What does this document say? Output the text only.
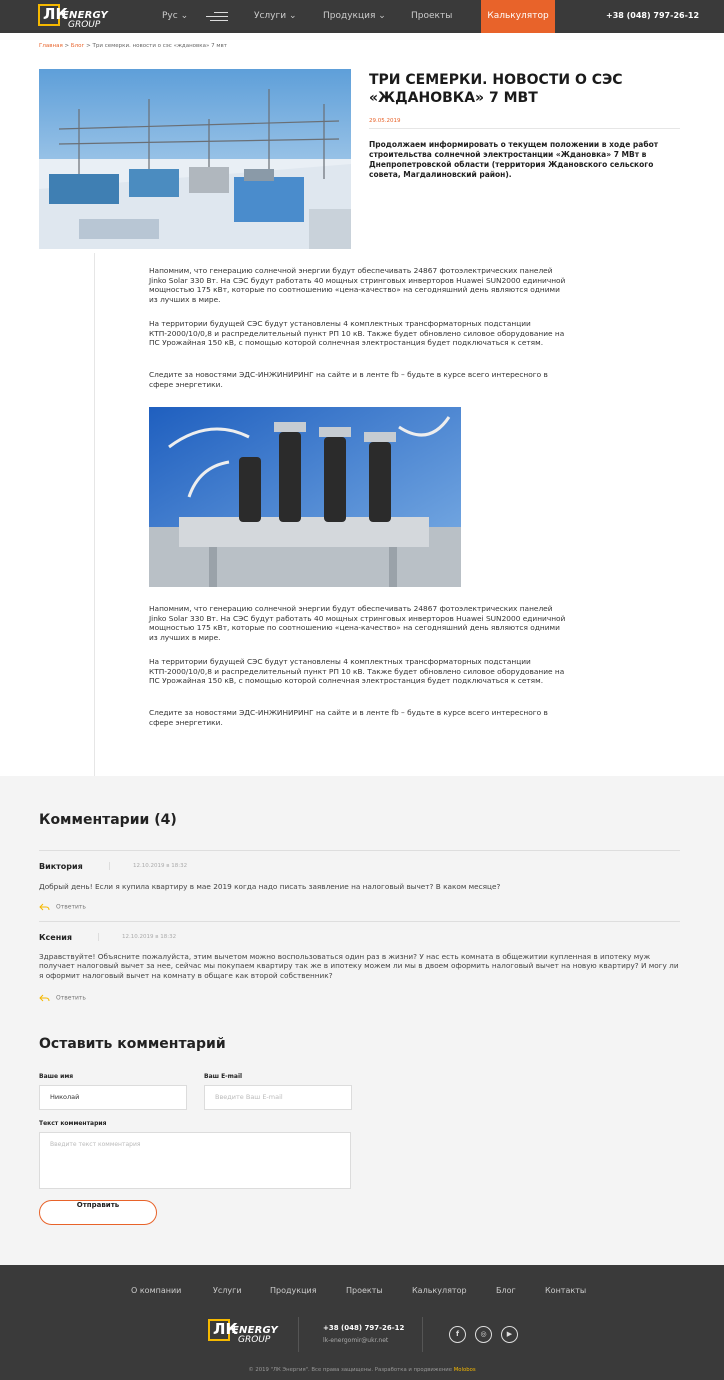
ЛК
ENERGY
GROUP
Рус ⌄	Услуги ⌄	Продукция ⌄	Проекты	Калькулятор	+38 (048) 797-26-12
Главная > Блог > Три семерки. новости о сэс «ждановка» 7 мвт
ТРИ СЕМЕРКИ. НОВОСТИ О СЭС «ЖДАНОВКА» 7 МВТ
29.05.2019
Продолжаем информировать о текущем положении в ходе работ строительства солнечной электростанции «Ждановка» 7 МВт в Днепропетровской области (территория Ждановского сельского совета, Магдалиновский район).
Напомним, что генерацию солнечной энергии будут обеспечивать 24867 фотоэлектрических панелей Jinko Solar 330 Вт. На СЭС будут работать 40 мощных стринговых инверторов Huawei SUN2000 единичной мощностью 175 кВт, которые по соотношению «цена-качество» на сегодняшний день являются одними из лучших в мире.
На территории будущей СЭС будут установлены 4 комплектных трансформаторных подстанции КТП-2000/10/0,8 и распределительный пункт РП 10 кВ. Также будет обновлено силовое оборудование на ПС Урожайная 150 кВ, с помощью которой солнечная электростанция будет подключаться к сетям.
Следите за новостями ЭДС-ИНЖИНИРИНГ на сайте и в ленте fb – будьте в курсе всего интересного в сфере энергетики.
Напомним, что генерацию солнечной энергии будут обеспечивать 24867 фотоэлектрических панелей Jinko Solar 330 Вт. На СЭС будут работать 40 мощных стринговых инверторов Huawei SUN2000 единичной мощностью 175 кВт, которые по соотношению «цена-качество» на сегодняшний день являются одними из лучших в мире.
На территории будущей СЭС будут установлены 4 комплектных трансформаторных подстанции КТП-2000/10/0,8 и распределительный пункт РП 10 кВ. Также будет обновлено силовое оборудование на ПС Урожайная 150 кВ, с помощью которой солнечная электростанция будет подключаться к сетям.
Следите за новостями ЭДС-ИНЖИНИРИНГ на сайте и в ленте fb – будьте в курсе всего интересного в сфере энергетики.
Комментарии (4)
Виктория	12.10.2019 в 18:32
Добрый день! Если я купила квартиру в мае 2019 когда надо писать заявление на налоговый вычет? В каком месяце?
Ответить
Ксения	12.10.2019 в 18:32
Здравствуйте! Объясните пожалуйста, этим вычетом можно воспользоваться один раз в жизни? У нас есть комната в общежитии купленная в ипотеку муж получает налоговый вычет за нее, сейчас мы покупаем квартиру так же в ипотеку можем ли мы в двоем оформить налоговый вычет на новую квартиру? И могу ли я оформит налоговый вычет на комнату в общаге как второй собственник?
Ответить
Оставить комментарий
Ваше имя
Николай
Ваш E-mail
Введите Ваш E-mail
Текст комментария
Введите текст комментария
Отправить
О компании	Услуги	Продукция	Проекты	Калькулятор	Блог	Контакты
ЛК
ENERGY
GROUP
+38 (048) 797-26-12
lk-energomir@ukr.net
f	◎	▶
© 2019 "ЛК Энергия". Все права защищены. Разработка и продвижение Molobos
